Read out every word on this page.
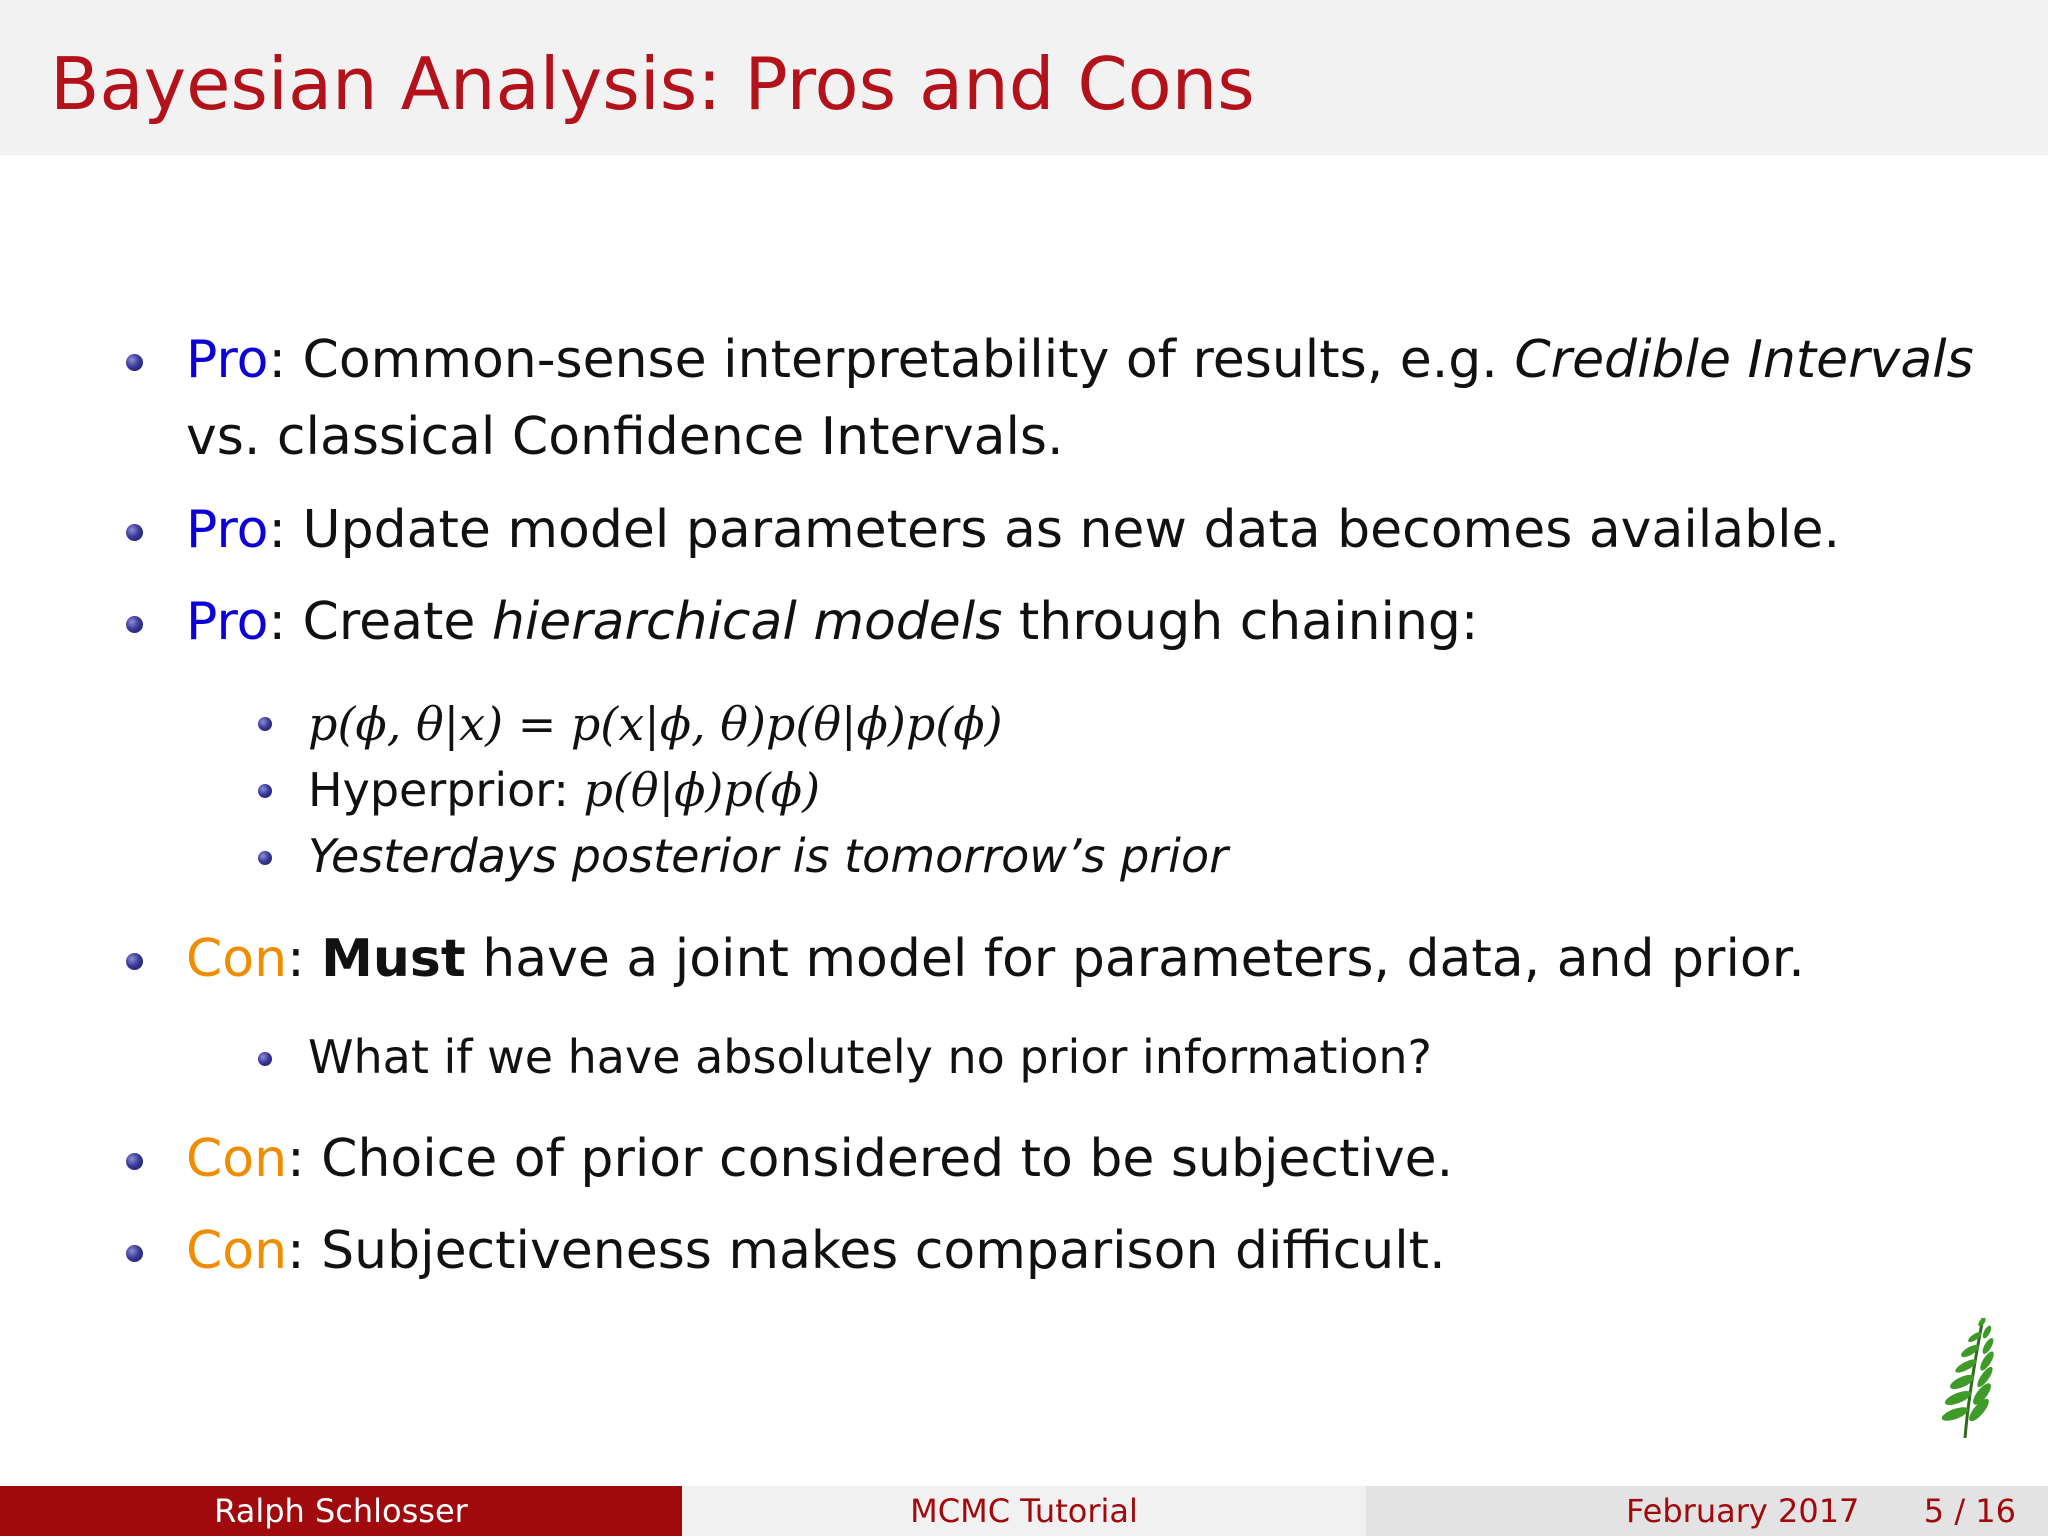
Bayesian Analysis: Pros and Cons
Pro: Common-sense interpretability of results, e.g. Credible Intervals
vs. classical Confidence Intervals.
Pro: Update model parameters as new data becomes available.
Pro: Create hierarchical models through chaining:
p(ϕ, θ|x) = p(x|ϕ, θ)p(θ|ϕ)p(ϕ)
Hyperprior: p(θ|ϕ)p(ϕ)
Yesterdays posterior is tomorrow’s prior
Con: Must have a joint model for parameters, data, and prior.
What if we have absolutely no prior information?
Con: Choice of prior considered to be subjective.
Con: Subjectiveness makes comparison difficult.
Ralph Schlosser	MCMC Tutorial	February 2017 5 / 16
